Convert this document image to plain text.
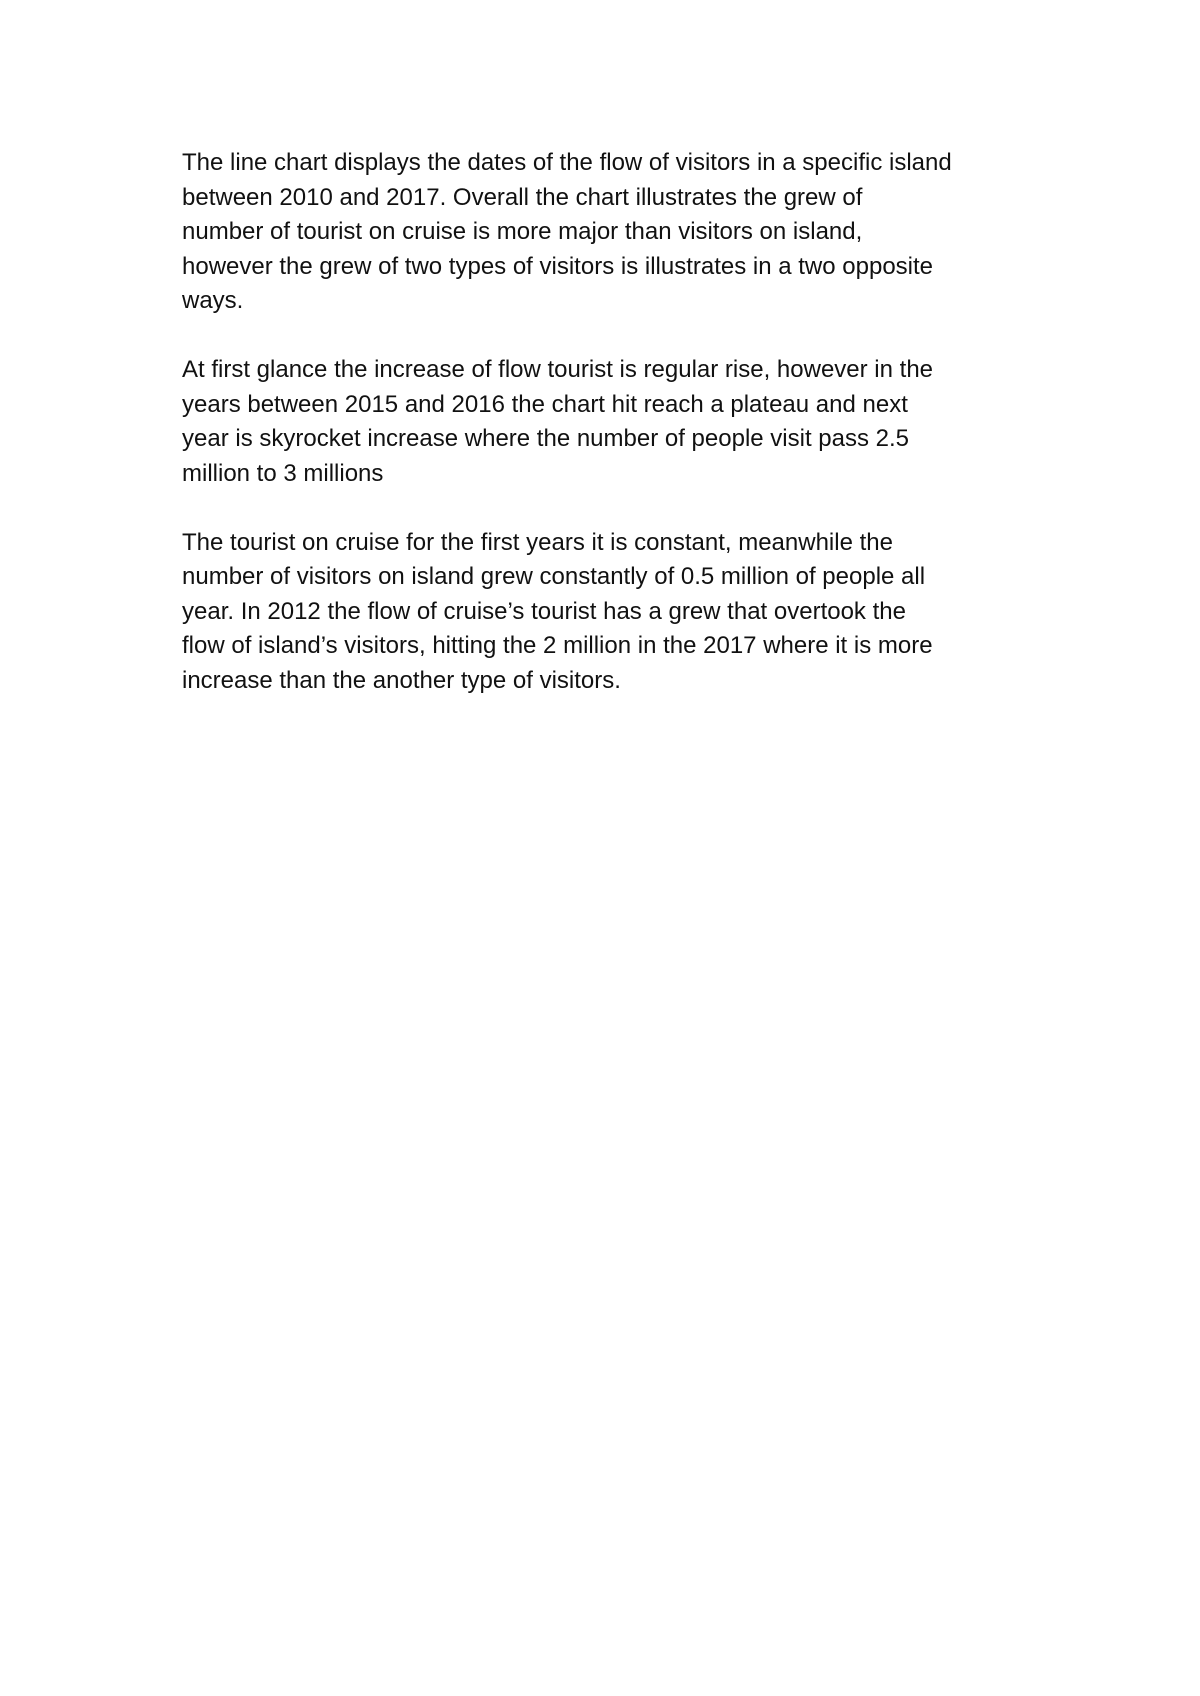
The line chart displays the dates of the flow of visitors in a specific island
between 2010 and 2017. Overall the chart illustrates the grew of
number of tourist on cruise is more major than visitors on island,
however the grew of two types of visitors is illustrates in a two opposite
ways.

At first glance the increase of flow tourist is regular rise, however in the
years between 2015 and 2016 the chart hit reach a plateau and next
year is skyrocket increase where the number of people visit pass 2.5
million to 3 millions

The tourist on cruise for the first years it is constant, meanwhile the
number of visitors on island grew constantly of 0.5 million of people all
year. In 2012 the flow of cruise’s tourist has a grew that overtook the
flow of island’s visitors, hitting the 2 million in the 2017 where it is more
increase than the another type of visitors.
